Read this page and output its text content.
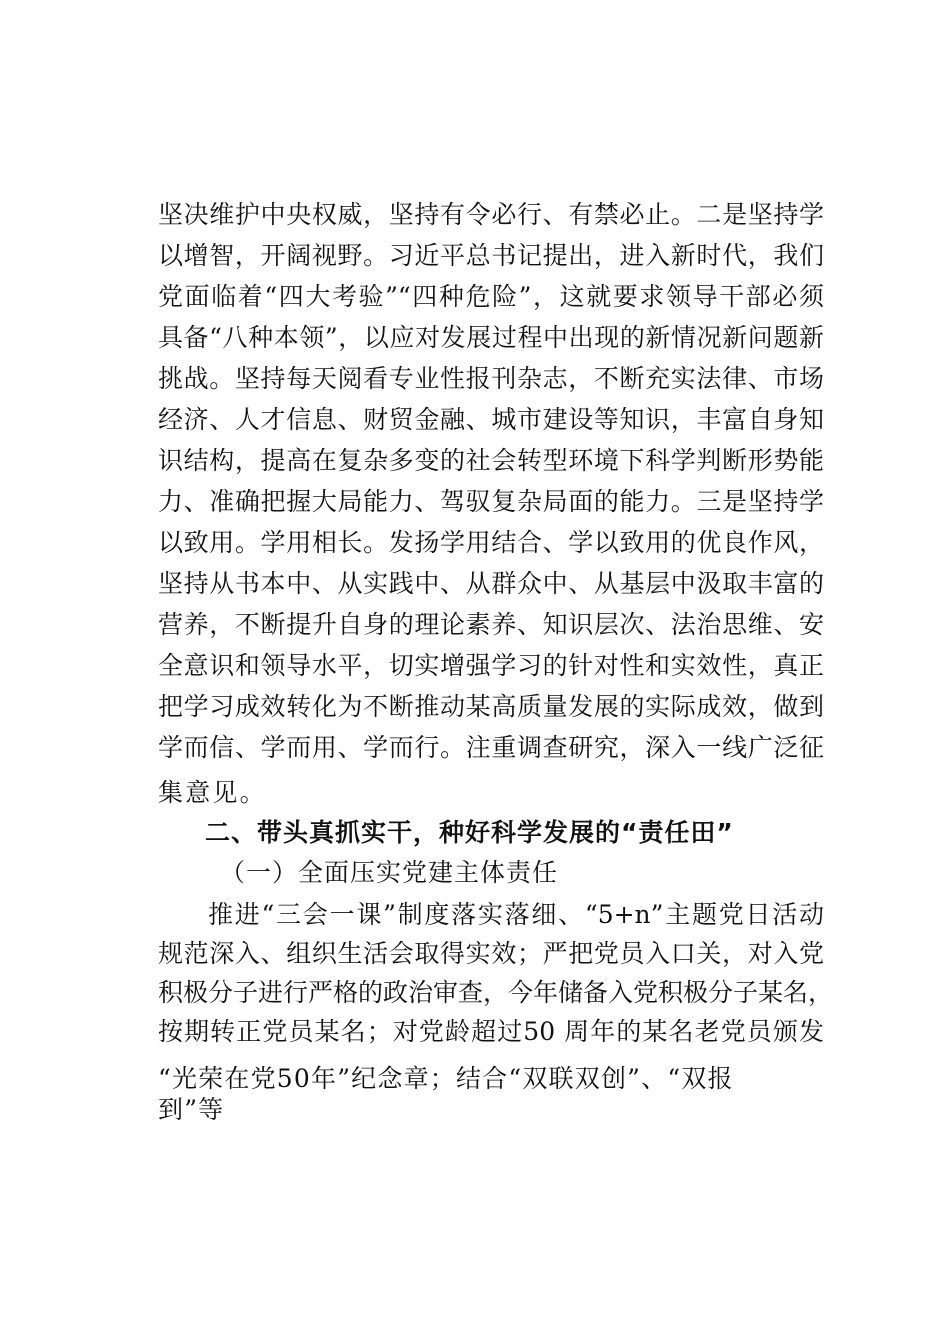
坚决维护中央权威，坚持有令必行、有禁必止。二是坚持学
以增智，开阔视野。习近平总书记提出，进入新时代，我们
党面临着“四大考验”“四种危险”，这就要求领导干部必须
具备“八种本领”，以应对发展过程中出现的新情况新问题新
挑战。坚持每天阅看专业性报刊杂志，不断充实法律、市场
经济、人才信息、财贸金融、城市建设等知识，丰富自身知
识结构，提高在复杂多变的社会转型环境下科学判断形势能
力、准确把握大局能力、驾驭复杂局面的能力。三是坚持学
以致用。学用相长。发扬学用结合、学以致用的优良作风，
坚持从书本中、从实践中、从群众中、从基层中汲取丰富的
营养，不断提升自身的理论素养、知识层次、法治思维、安
全意识和领导水平，切实增强学习的针对性和实效性，真正
把学习成效转化为不断推动某高质量发展的实际成效，做到
学而信、学而用、学而行。注重调查研究，深入一线广泛征
集意见。
二、带头真抓实干，种好科学发展的“责任田”
（一）全面压实党建主体责任
推进“三会一课”制度落实落细、“5+n”主题党日活动
规范深入、组织生活会取得实效；严把党员入口关，对入党
积极分子进行严格的政治审查，今年储备入党积极分子某名，
按期转正党员某名；对党龄超过50 周年的某名老党员颁发
“光荣在党50年”纪念章；结合“双联双创”、“双报
到”等
